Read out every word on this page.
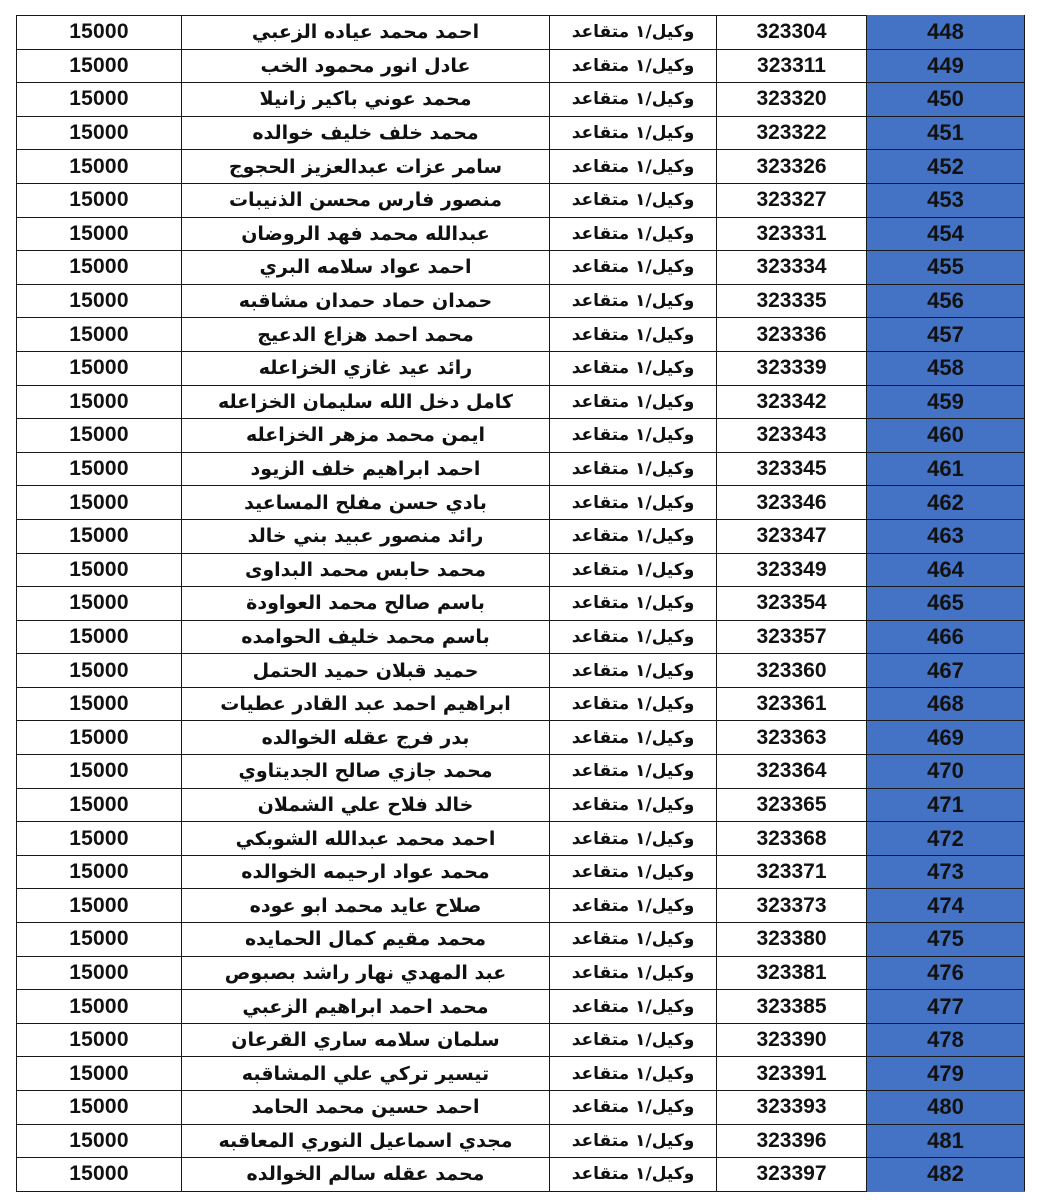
15000	احمد محمد عياده الزعبي	وكيل/١ متقاعد	323304	448
15000	عادل انور محمود الخب	وكيل/١ متقاعد	323311	449
15000	محمد عوني باكير زانيلا	وكيل/١ متقاعد	323320	450
15000	محمد خلف خليف خوالده	وكيل/١ متقاعد	323322	451
15000	سامر عزات عبدالعزيز الحجوج	وكيل/١ متقاعد	323326	452
15000	منصور فارس محسن الذنيبات	وكيل/١ متقاعد	323327	453
15000	عبدالله محمد فهد الروضان	وكيل/١ متقاعد	323331	454
15000	احمد عواد سلامه البري	وكيل/١ متقاعد	323334	455
15000	حمدان حماد حمدان مشاقبه	وكيل/١ متقاعد	323335	456
15000	محمد احمد هزاع الدعيج	وكيل/١ متقاعد	323336	457
15000	رائد عيد غازي الخزاعله	وكيل/١ متقاعد	323339	458
15000	كامل دخل الله سليمان الخزاعله	وكيل/١ متقاعد	323342	459
15000	ايمن محمد مزهر الخزاعله	وكيل/١ متقاعد	323343	460
15000	احمد ابراهيم خلف الزيود	وكيل/١ متقاعد	323345	461
15000	بادي حسن مفلح المساعيد	وكيل/١ متقاعد	323346	462
15000	رائد منصور عبيد بني خالد	وكيل/١ متقاعد	323347	463
15000	محمد حابس محمد البداوى	وكيل/١ متقاعد	323349	464
15000	باسم صالح محمد العواودة	وكيل/١ متقاعد	323354	465
15000	باسم محمد خليف الحوامده	وكيل/١ متقاعد	323357	466
15000	حميد قبلان حميد الحتمل	وكيل/١ متقاعد	323360	467
15000	ابراهيم احمد عبد القادر عطيات	وكيل/١ متقاعد	323361	468
15000	بدر فرج عقله الخوالده	وكيل/١ متقاعد	323363	469
15000	محمد جازي صالح الجديتاوي	وكيل/١ متقاعد	323364	470
15000	خالد فلاح علي الشملان	وكيل/١ متقاعد	323365	471
15000	احمد محمد عبدالله الشوبكي	وكيل/١ متقاعد	323368	472
15000	محمد عواد ارحيمه الخوالده	وكيل/١ متقاعد	323371	473
15000	صلاح عايد محمد ابو عوده	وكيل/١ متقاعد	323373	474
15000	محمد مقيم كمال الحمايده	وكيل/١ متقاعد	323380	475
15000	عبد المهدي نهار راشد بصبوص	وكيل/١ متقاعد	323381	476
15000	محمد احمد ابراهيم الزعبي	وكيل/١ متقاعد	323385	477
15000	سلمان سلامه ساري القرعان	وكيل/١ متقاعد	323390	478
15000	تيسير تركي علي المشاقبه	وكيل/١ متقاعد	323391	479
15000	احمد حسين محمد الحامد	وكيل/١ متقاعد	323393	480
15000	مجدي اسماعيل النوري المعاقبه	وكيل/١ متقاعد	323396	481
15000	محمد عقله سالم الخوالده	وكيل/١ متقاعد	323397	482
